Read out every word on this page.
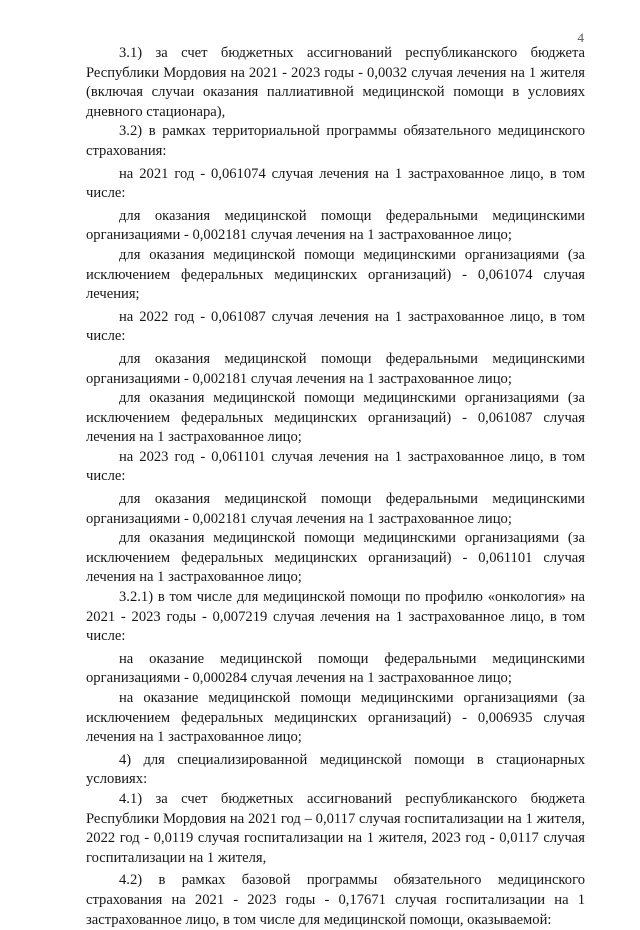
4

3.1) за счет бюджетных ассигнований республиканского бюджета Республики Мордовия на 2021 - 2023 годы - 0,0032 случая лечения на 1 жителя (включая случаи оказания паллиативной медицинской помощи в условиях дневного стационара),

3.2) в рамках территориальной программы обязательного медицинского страхования:

на 2021 год - 0,061074 случая лечения на 1 застрахованное лицо, в том числе:

для оказания медицинской помощи федеральными медицинскими организациями - 0,002181 случая лечения на 1 застрахованное лицо;

для оказания медицинской помощи медицинскими организациями (за исключением федеральных медицинских организаций) - 0,061074 случая лечения;

на 2022 год - 0,061087 случая лечения на 1 застрахованное лицо, в том числе:

для оказания медицинской помощи федеральными медицинскими организациями - 0,002181 случая лечения на 1 застрахованное лицо;

для оказания медицинской помощи медицинскими организациями (за исключением федеральных медицинских организаций) - 0,061087 случая лечения на 1 застрахованное лицо;

на 2023 год - 0,061101 случая лечения на 1 застрахованное лицо, в том числе:

для оказания медицинской помощи федеральными медицинскими организациями - 0,002181 случая лечения на 1 застрахованное лицо;

для оказания медицинской помощи медицинскими организациями (за исключением федеральных медицинских организаций) - 0,061101 случая лечения на 1 застрахованное лицо;

3.2.1) в том числе для медицинской помощи по профилю «онкология» на 2021 - 2023 годы - 0,007219 случая лечения на 1 застрахованное лицо, в том числе:

на оказание медицинской помощи федеральными медицинскими организациями - 0,000284 случая лечения на 1 застрахованное лицо;

на оказание медицинской помощи медицинскими организациями (за исключением федеральных медицинских организаций) - 0,006935 случая лечения на 1 застрахованное лицо;

4) для специализированной медицинской помощи в стационарных условиях:

4.1) за счет бюджетных ассигнований республиканского бюджета Республики Мордовия на 2021 год – 0,0117 случая госпитализации на 1 жителя, 2022 год - 0,0119 случая госпитализации на 1 жителя, 2023 год - 0,0117 случая госпитализации на 1 жителя,

4.2) в рамках базовой программы обязательного медицинского страхования на 2021 - 2023 годы - 0,17671 случая госпитализации на 1 застрахованное лицо, в том числе для медицинской помощи, оказываемой:
